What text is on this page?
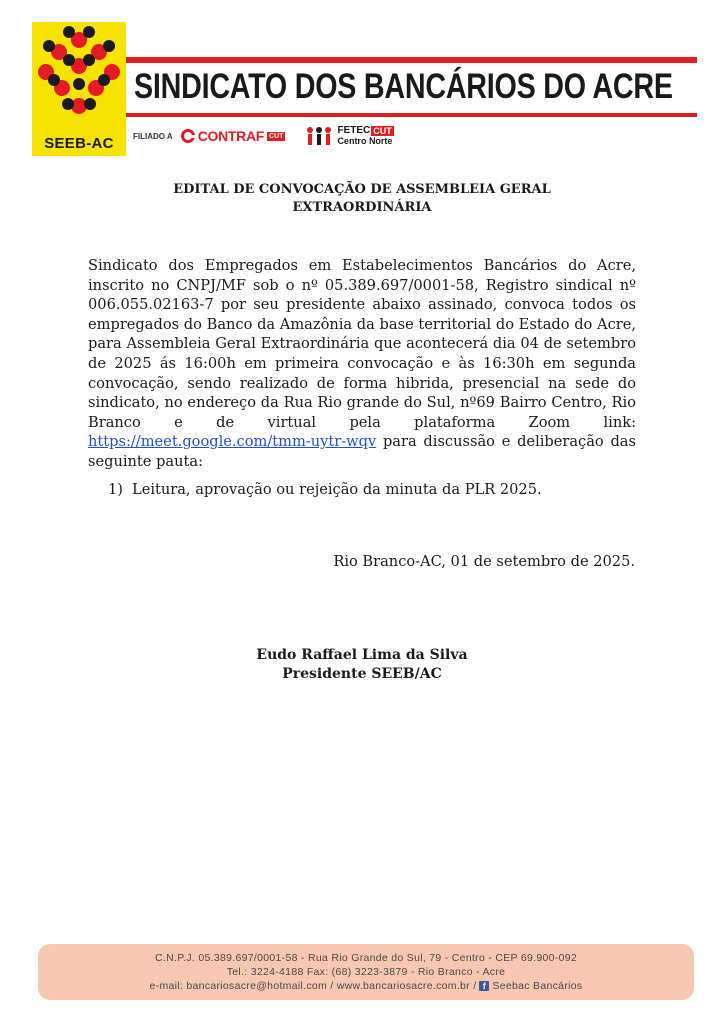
SEEB-AC
SINDICATO DOS BANCÁRIOS DO ACRE
FILIADO A CONTRAF CUT	FETEC CUT
Centro Norte
EDITAL DE CONVOCAÇÃO DE ASSEMBLEIA GERAL
EXTRAORDINÁRIA

Sindicato dos Empregados em Estabelecimentos Bancários do Acre, inscrito no CNPJ/MF sob o nº 05.389.697/0001-58, Registro sindical nº 006.055.02163-7 por seu presidente abaixo assinado, convoca todos os empregados do Banco da Amazônia da base territorial do Estado do Acre, para Assembleia Geral Extraordinária que acontecerá dia 04 de setembro de 2025 ás 16:00h em primeira convocação e às 16:30h em segunda convocação, sendo realizado de forma hibrida, presencial na sede do sindicato, no endereço da Rua Rio grande do Sul, nº69 Bairro Centro, Rio Branco e de virtual pela plataforma Zoom link: https://meet.google.com/tmm-uytr-wqv para discussão e deliberação das seguinte pauta:

1) Leitura, aprovação ou rejeição da minuta da PLR 2025.
Rio Branco-AC, 01 de setembro de 2025.
Eudo Raffael Lima da Silva
Presidente SEEB/AC
C.N.P.J. 05.389.697/0001-58 - Rua Rio Grande do Sul, 79 - Centro - CEP 69.900-092
Tel.: 3224-4188 Fax: (68) 3223-3879 - Rio Branco - Acre
e-mail: bancariosacre@hotmail.com / www.bancariosacre.com.br / f Seebac Bancários
